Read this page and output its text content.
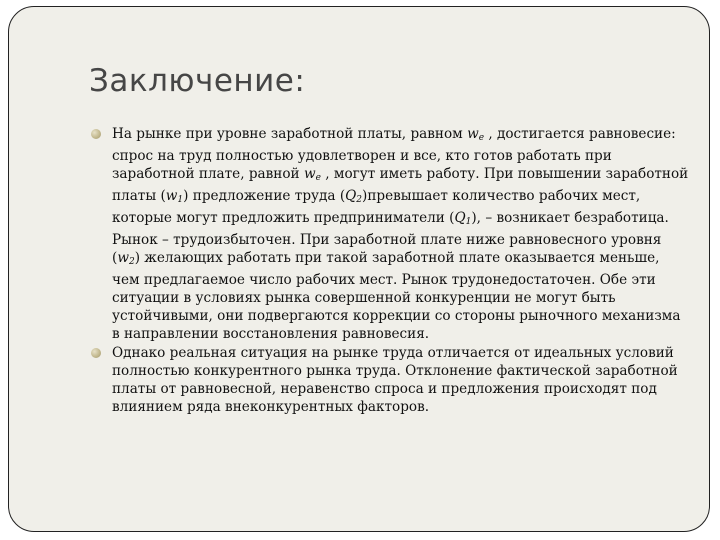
Заключение:

На рынке при уровне заработной платы, равном $w_e$ , достигается равновесие: спрос на труд полностью удовлетворен и все, кто готов работать при заработной плате, равной $w_e$ , могут иметь работу. При повышении заработной платы $(w_1)$ предложение труда $(Q_2)превышает$ количество рабочих мест, которые могут предложить предприниматели $(Q_1)$, – возникает безработица. Рынок – трудоизбыточен. При заработной плате ниже равновесного уровня $(w_2)$ желающих работать при такой заработной плате оказывается меньше, чем предлагаемое число рабочих мест. Рынок трудонедостаточен. Обе эти ситуации в условиях рынка совершенной конкуренции не могут быть устойчивыми, они подвергаются коррекции со стороны рыночного механизма в направлении восстановления равновесия.

Однако реальная ситуация на рынке труда отличается от идеальных условий полностью конкурентного рынка труда. Отклонение фактической заработной платы от равновесной, неравенство спроса и предложения происходят под влиянием ряда внеконкурентных факторов.
